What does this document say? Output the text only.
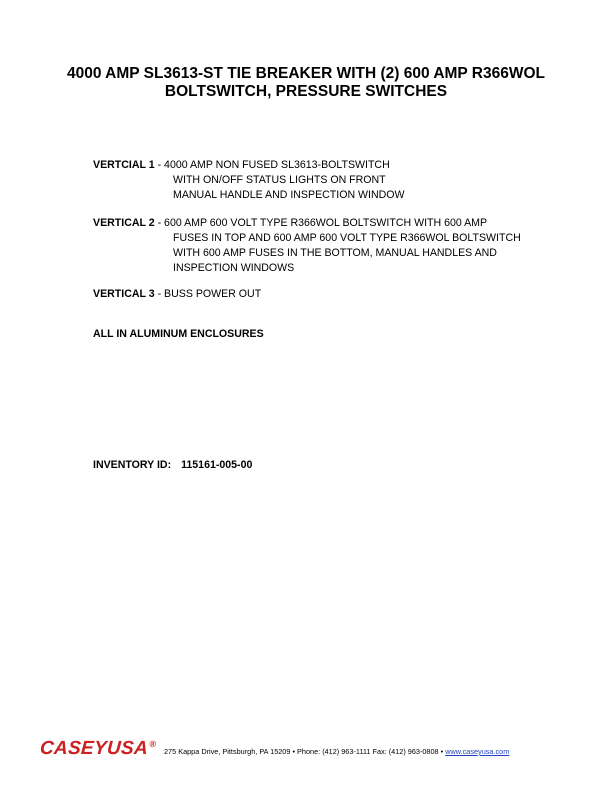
4000 AMP SL3613-ST TIE BREAKER WITH (2) 600 AMP R366WOL
BOLTSWITCH, PRESSURE SWITCHES
VERTCIAL 1 - 4000 AMP NON FUSED SL3613-BOLTSWITCH
WITH ON/OFF STATUS LIGHTS ON FRONT
MANUAL HANDLE AND INSPECTION WINDOW
VERTICAL 2 - 600 AMP 600 VOLT TYPE R366WOL BOLTSWITCH WITH 600 AMP
FUSES IN TOP AND 600 AMP 600 VOLT TYPE R366WOL BOLTSWITCH
WITH 600 AMP FUSES IN THE BOTTOM, MANUAL HANDLES AND
INSPECTION WINDOWS
VERTICAL 3 - BUSS POWER OUT
ALL IN ALUMINUM ENCLOSURES
INVENTORY ID: 115161-005-00
CASEYUSA®
275 Kappa Drive, Pittsburgh, PA 15209 • Phone: (412) 963-1111 Fax: (412) 963-0808 • www.caseyusa.com
